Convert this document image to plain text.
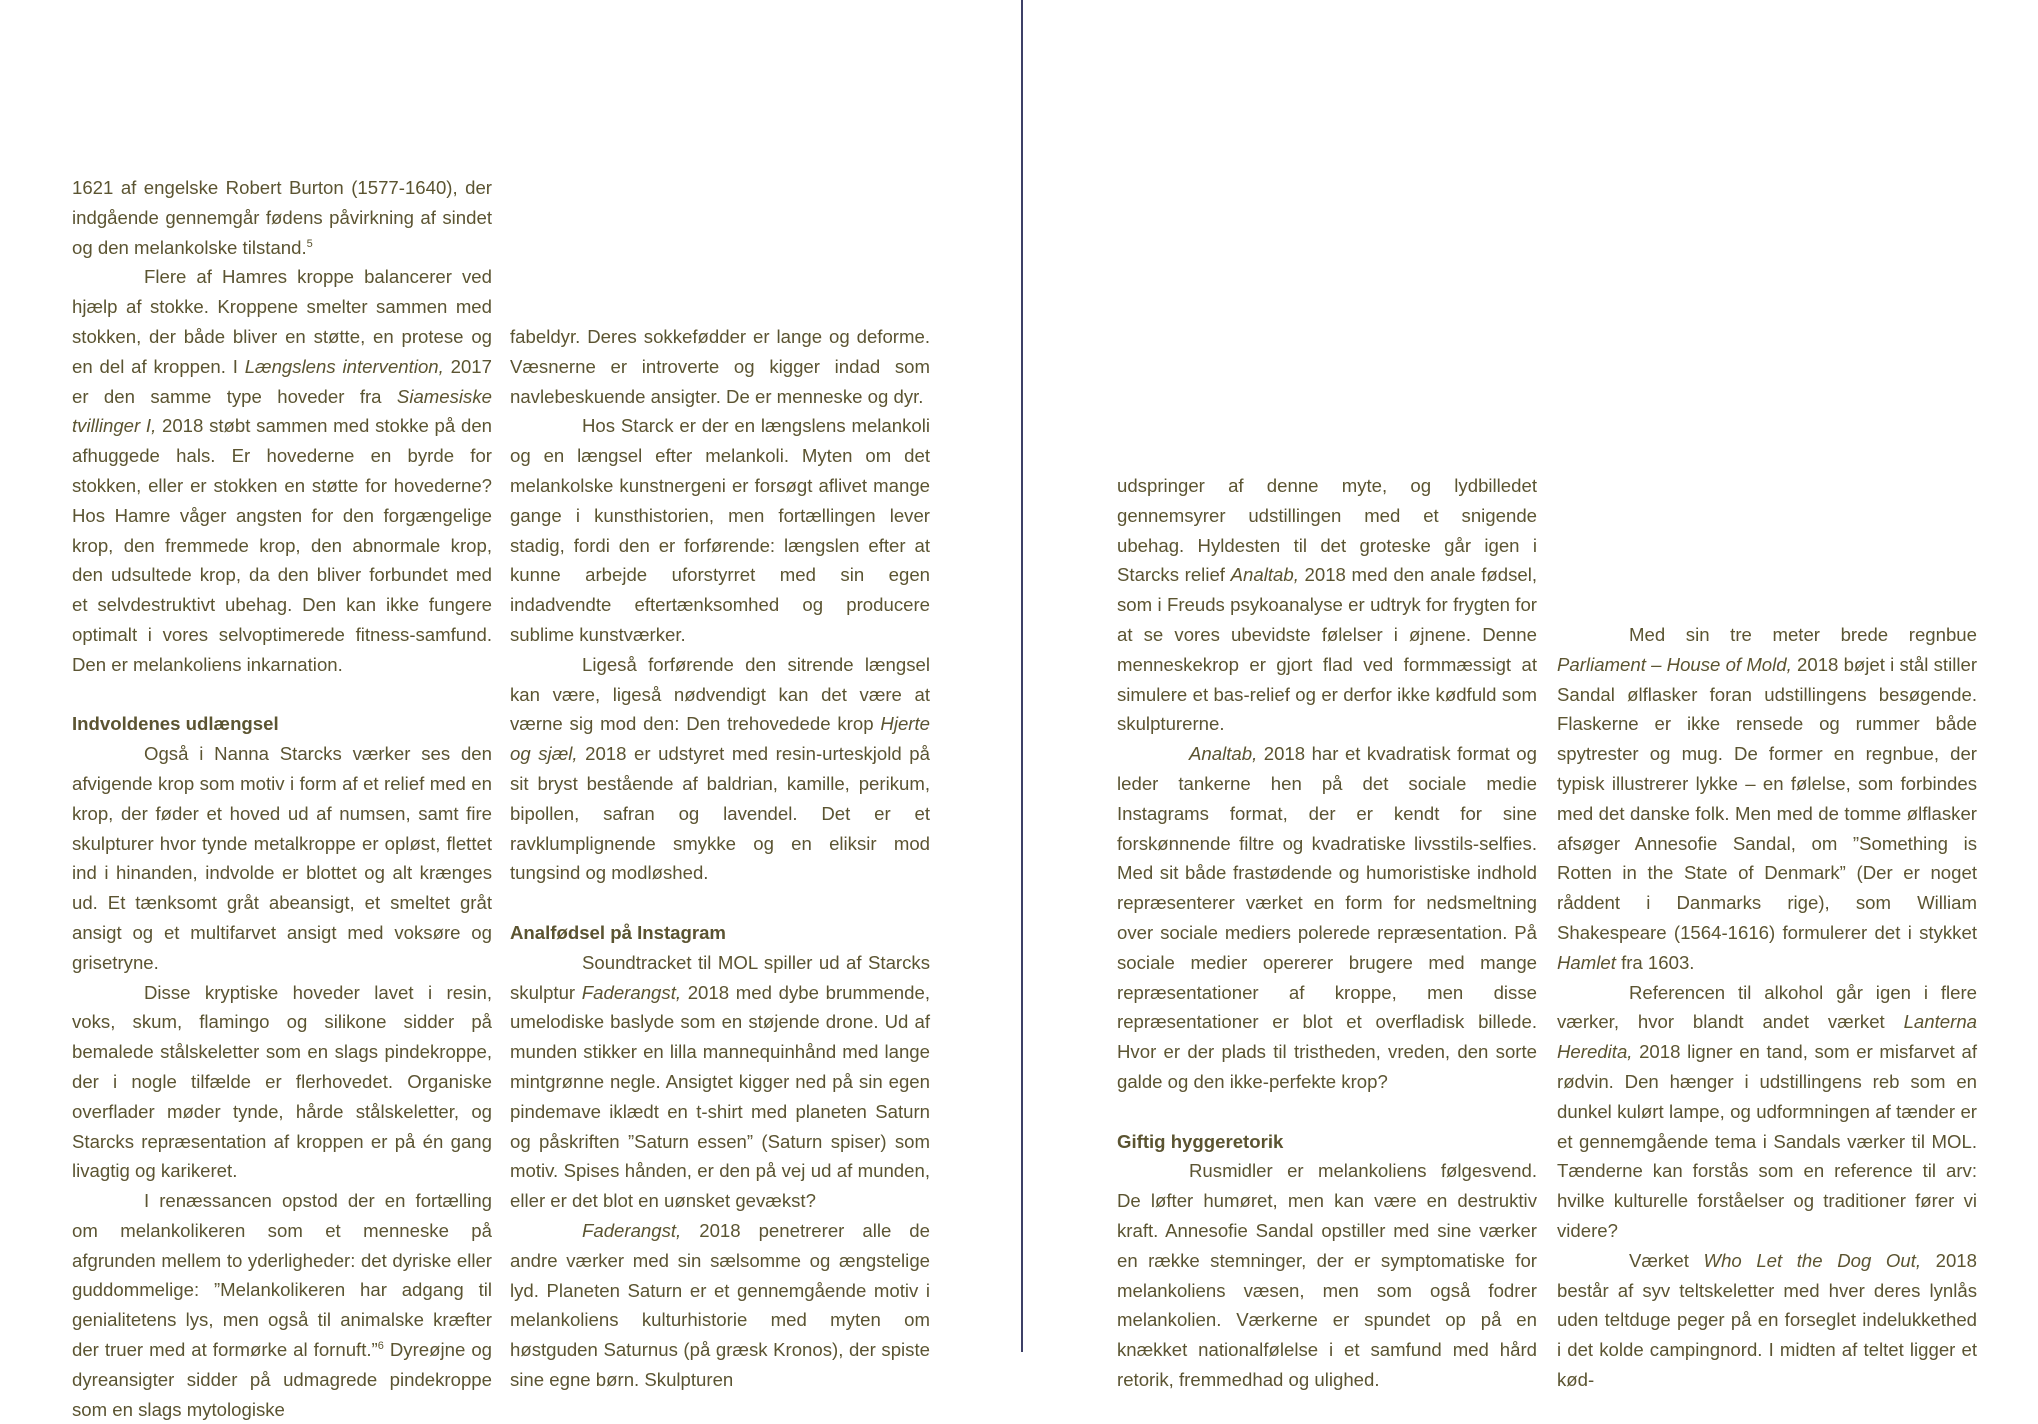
1621 af engelske Robert Burton (1577-1640), der indgående gennemgår fødens påvirkning af sindet og den melankolske tilstand.$^5$

Flere af Hamres kroppe balancerer ved hjælp af stokke. Kroppene smelter sammen med stokken, der både bliver en støtte, en protese og en del af kroppen. I Længslens intervention, 2017 er den samme type hoveder fra Siamesiske tvillinger I, 2018 støbt sammen med stokke på den afhuggede hals. Er hovederne en byrde for stokken, eller er stokken en støtte for hovederne? Hos Hamre våger angsten for den forgængelige krop, den fremmede krop, den abnormale krop, den udsultede krop, da den bliver forbundet med et selvdestruktivt ubehag. Den kan ikke fungere optimalt i vores selvoptimerede fitness-samfund. Den er melankoliens inkarnation.

Indvoldenes udlængsel

Også i Nanna Starcks værker ses den afvigende krop som motiv i form af et relief med en krop, der føder et hoved ud af numsen, samt fire skulpturer hvor tynde metalkroppe er opløst, flettet ind i hinanden, indvolde er blottet og alt krænges ud. Et tænksomt gråt abeansigt, et smeltet gråt ansigt og et multifarvet ansigt med voksøre og grisetryne.

Disse kryptiske hoveder lavet i resin, voks, skum, flamingo og silikone sidder på bemalede stålskeletter som en slags pindekroppe, der i nogle tilfælde er flerhovedet. Organiske overflader møder tynde, hårde stålskeletter, og Starcks repræsentation af kroppen er på én gang livagtig og karikeret.

I renæssancen opstod der en fortælling om melankolikeren som et menneske på afgrunden mellem to yderligheder: det dyriske eller guddommelige: ”Melankolikeren har adgang til genialitetens lys, men også til animalske kræfter der truer med at formørke al fornuft.”$^6$ Dyreøjne og dyreansigter sidder på udmagrede pindekroppe som en slags mytologiske

fabeldyr. Deres sokkefødder er lange og deforme. Væsnerne er introverte og kigger indad som navlebeskuende ansigter. De er menneske og dyr.

Hos Starck er der en længslens melankoli og en længsel efter melankoli. Myten om det melankolske kunstnergeni er forsøgt aflivet mange gange i kunsthistorien, men fortællingen lever stadig, fordi den er forførende: længslen efter at kunne arbejde uforstyrret med sin egen indadvendte eftertænksomhed og producere sublime kunstværker.

Ligeså forførende den sitrende længsel kan være, ligeså nødvendigt kan det være at værne sig mod den: Den trehovedede krop Hjerte og sjæl, 2018 er udstyret med resin-urteskjold på sit bryst bestående af baldrian, kamille, perikum, bipollen, safran og lavendel. Det er et ravklumplignende smykke og en eliksir mod tungsind og modløshed.

Analfødsel på Instagram

Soundtracket til MOL spiller ud af Starcks skulptur Faderangst, 2018 med dybe brummende, umelodiske baslyde som en støjende drone. Ud af munden stikker en lilla mannequinhånd med lange mintgrønne negle. Ansigtet kigger ned på sin egen pindemave iklædt en t-shirt med planeten Saturn og påskriften ”Saturn essen” (Saturn spiser) som motiv. Spises hånden, er den på vej ud af munden, eller er det blot en uønsket gevækst?

Faderangst, 2018 penetrerer alle de andre værker med sin sælsomme og ængstelige lyd. Planeten Saturn er et gennemgående motiv i melankoliens kulturhistorie med myten om høstguden Saturnus (på græsk Kronos), der spiste sine egne børn. Skulpturen

udspringer af denne myte, og lydbilledet gennemsyrer udstillingen med et snigende ubehag. Hyldesten til det groteske går igen i Starcks relief Analtab, 2018 med den anale fødsel, som i Freuds psykoanalyse er udtryk for frygten for at se vores ubevidste følelser i øjnene. Denne menneskekrop er gjort flad ved formmæssigt at simulere et bas-relief og er derfor ikke kødfuld som skulpturerne.

Analtab, 2018 har et kvadratisk format og leder tankerne hen på det sociale medie Instagrams format, der er kendt for sine forskønnende filtre og kvadratiske livsstils-selfies. Med sit både frastødende og humoristiske indhold repræsenterer værket en form for nedsmeltning over sociale mediers polerede repræsentation. På sociale medier opererer brugere med mange repræsentationer af kroppe, men disse repræsentationer er blot et overfladisk billede. Hvor er der plads til tristheden, vreden, den sorte galde og den ikke-perfekte krop?

Giftig hyggeretorik

Rusmidler er melankoliens følgesvend. De løfter humøret, men kan være en destruktiv kraft. Annesofie Sandal opstiller med sine værker en række stemninger, der er symptomatiske for melankoliens væsen, men som også fodrer melankolien. Værkerne er spundet op på en knækket nationalfølelse i et samfund med hård retorik, fremmedhad og ulighed.

Med sin tre meter brede regnbue Parliament – House of Mold, 2018 bøjet i stål stiller Sandal ølflasker foran udstillingens besøgende. Flaskerne er ikke rensede og rummer både spytrester og mug. De former en regnbue, der typisk illustrerer lykke – en følelse, som forbindes med det danske folk. Men med de tomme ølflasker afsøger Annesofie Sandal, om ”Something is Rotten in the State of Denmark” (Der er noget råddent i Danmarks rige), som William Shakespeare (1564-1616) formulerer det i stykket Hamlet fra 1603.

Referencen til alkohol går igen i flere værker, hvor blandt andet værket Lanterna Heredita, 2018 ligner en tand, som er misfarvet af rødvin. Den hænger i udstillingens reb som en dunkel kulørt lampe, og udformningen af tænder er et gennemgående tema i Sandals værker til MOL. Tænderne kan forstås som en reference til arv: hvilke kulturelle forståelser og traditioner fører vi videre?

Værket Who Let the Dog Out, 2018 består af syv teltskeletter med hver deres lynlås uden teltduge peger på en forseglet indelukkethed i det kolde campingnord. I midten af teltet ligger et kød-
